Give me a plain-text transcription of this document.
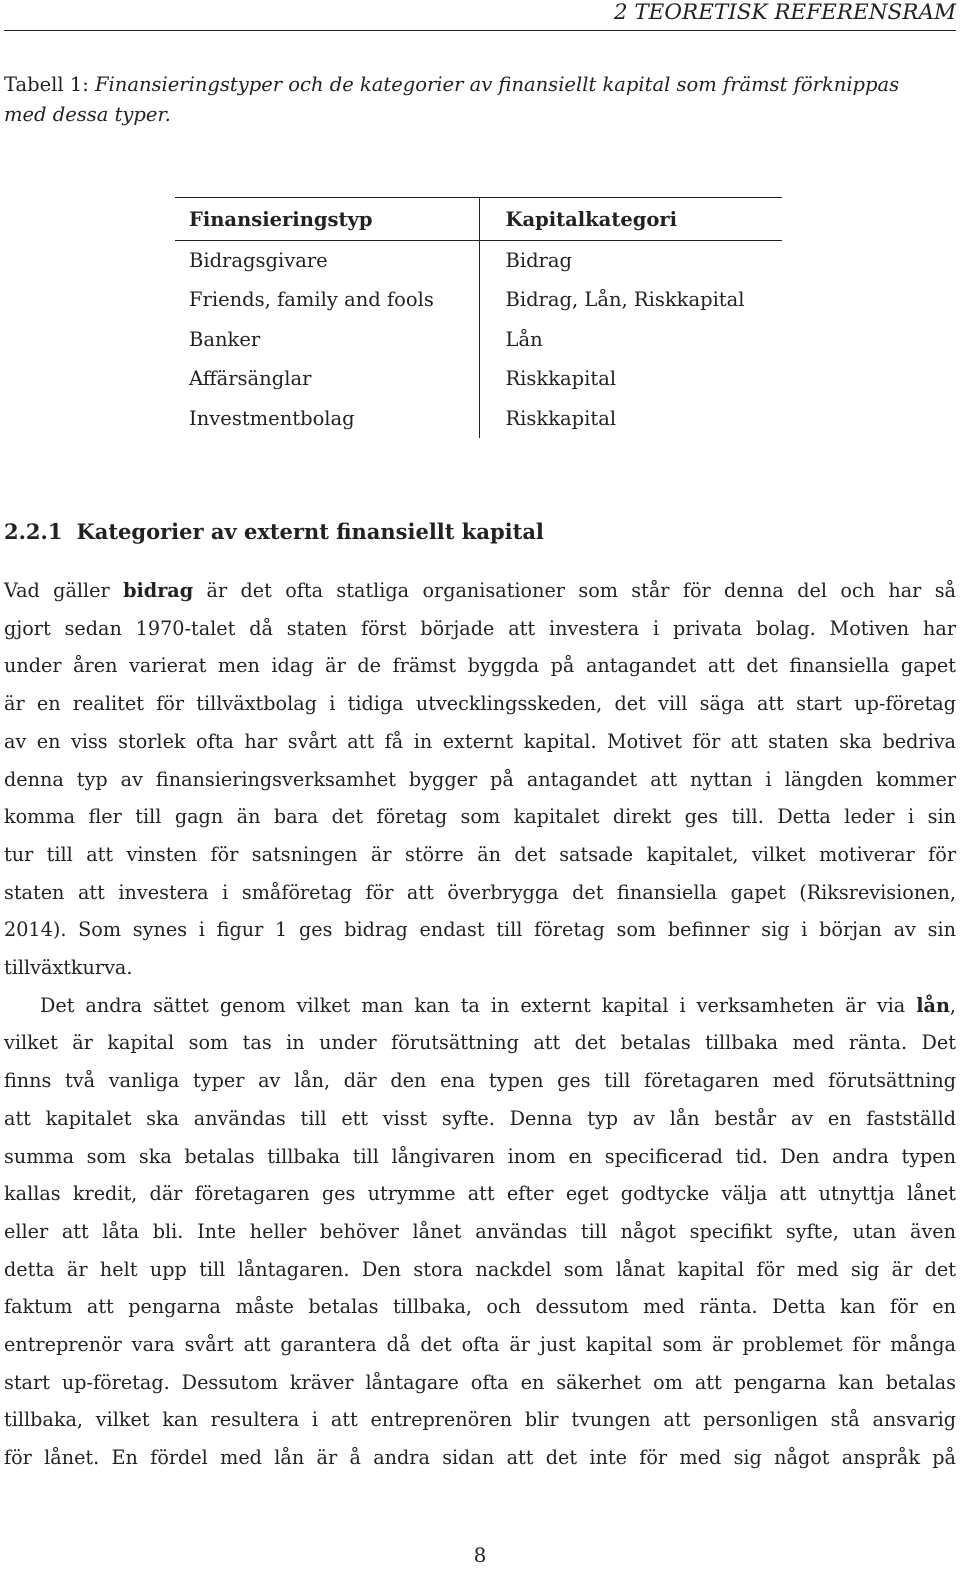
2 TEORETISK REFERENSRAM

Tabell 1: Finansieringstyper och de kategorier av finansiellt kapital som främst förknippas
med dessa typer.

Finansieringstyp	Kapitalkategori
Bidragsgivare	Bidrag
Friends, family and fools	Bidrag, Lån, Riskkapital
Banker	Lån
Affärsänglar	Riskkapital
Investmentbolag	Riskkapital
2.2.1 Kategorier av externt finansiellt kapital
Vad gäller bidrag är det ofta statliga organisationer som står för denna del och har så
gjort sedan 1970-talet då staten först började att investera i privata bolag. Motiven har
under åren varierat men idag är de främst byggda på antagandet att det finansiella gapet
är en realitet för tillväxtbolag i tidiga utvecklingsskeden, det vill säga att start up-företag
av en viss storlek ofta har svårt att få in externt kapital. Motivet för att staten ska bedriva
denna typ av finansieringsverksamhet bygger på antagandet att nyttan i längden kommer
komma fler till gagn än bara det företag som kapitalet direkt ges till. Detta leder i sin
tur till att vinsten för satsningen är större än det satsade kapitalet, vilket motiverar för
staten att investera i småföretag för att överbrygga det finansiella gapet (Riksrevisionen,
2014). Som synes i figur 1 ges bidrag endast till företag som befinner sig i början av sin
tillväxtkurva.
Det andra sättet genom vilket man kan ta in externt kapital i verksamheten är via lån,
vilket är kapital som tas in under förutsättning att det betalas tillbaka med ränta. Det
finns två vanliga typer av lån, där den ena typen ges till företagaren med förutsättning
att kapitalet ska användas till ett visst syfte. Denna typ av lån består av en fastställd
summa som ska betalas tillbaka till långivaren inom en specificerad tid. Den andra typen
kallas kredit, där företagaren ges utrymme att efter eget godtycke välja att utnyttja lånet
eller att låta bli. Inte heller behöver lånet användas till något specifikt syfte, utan även
detta är helt upp till låntagaren. Den stora nackdel som lånat kapital för med sig är det
faktum att pengarna måste betalas tillbaka, och dessutom med ränta. Detta kan för en
entreprenör vara svårt att garantera då det ofta är just kapital som är problemet för många
start up-företag. Dessutom kräver låntagare ofta en säkerhet om att pengarna kan betalas
tillbaka, vilket kan resultera i att entreprenören blir tvungen att personligen stå ansvarig
för lånet. En fördel med lån är å andra sidan att det inte för med sig något anspråk på
8
